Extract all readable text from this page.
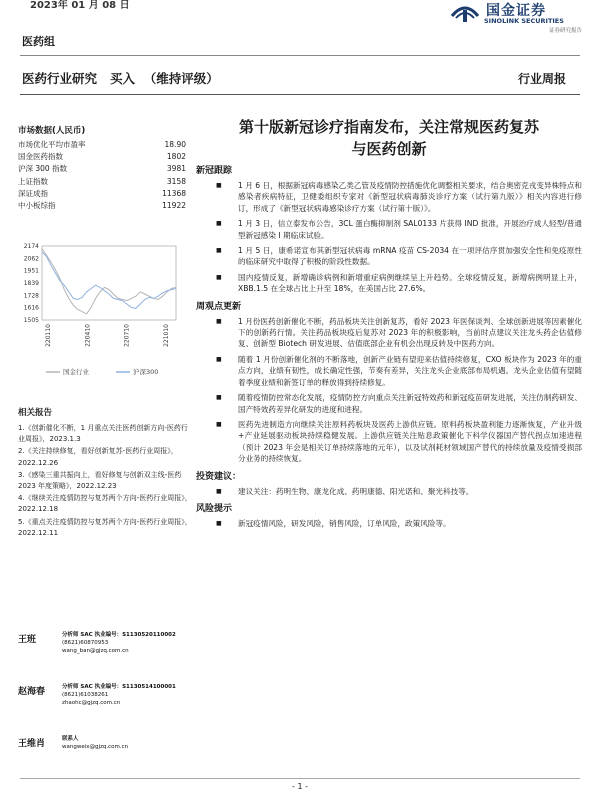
2023年 01 月 08 日	国金证券
SINOLINK SECURITIES
证券研究报告
医药组
医药行业研究   买入  （维持评级）	行业周报
市场数据(人民币)
市场优化平均市盈率	18.90
国金医药指数	1802
沪深 300 指数	3981
上证指数	3158
深证成指	11368
中小板综指	11922
2174
2062
1951
1839
1728
1616
1505
220110	220410	220710	221010
国金行业	沪深300
相关报告
1.《创新催化不断，1 月重点关注医药创新方向-医药行业周报》，2023.1.3
2.《关注持续修复，看好创新复苏-医药行业周报》，2022.12.26
3.《感染三重共振向上，看好修复与创新双主线-医药 2023 年度策略》，2022.12.23
4.《继续关注疫情防控与复苏两个方向-医药行业周报》，2022.12.18
5.《重点关注疫情防控与复苏两个方向-医药行业周报》，2022.12.11
王班	分析师 SAC 执业编号：S1130520110002
(8621)60870953
wang_ban@gjzq.com.cn
赵海春	分析师 SAC 执业编号：S1130514100001
(8621)61038261
zhaohc@gjzq.com.cn
王维肖	联系人
wangweix@gjzq.com.cn
第十版新冠诊疗指南发布，关注常规医药复苏
与医药创新
新冠跟踪
■ 1 月 6 日，根据新冠病毒感染乙类乙管及疫情防控措施优化调整相关要求，结合奥密克戎变异株特点和感染者疾病特征，卫健委组织专家对《新型冠状病毒肺炎诊疗方案（试行第九版）》相关内容进行修订，形成了《新型冠状病毒感染诊疗方案（试行第十版）》。
■ 1 月 3 日，信立泰发布公告，3CL 蛋白酶抑制剂 SAL0133 片获得 IND 批准，开展治疗成人轻型/普通型新冠感染 I 期临床试验。
■ 1 月 5 日，康希诺宣布其新型冠状病毒 mRNA 疫苗 CS-2034 在一项评估序贯加强安全性和免疫原性的临床研究中取得了积极的阶段性数据。
■ 国内疫情反复，新增确诊病例和新增重症病例继续呈上升趋势。全球疫情反复，新增病例明显上升，XBB.1.5 在全球占比上升至 18%，在美国占比 27.6%。
周观点更新
■ 1 月份医药创新催化不断，药品板块关注创新复苏，看好 2023 年医保谈判、全球创新进展等因素催化下的创新药行情。关注药品板块疫后复苏对 2023 年的积极影响，当前时点建议关注龙头药企估值修复、创新型 Biotech 研发进展、估值底部企业有机会出现反转及中医药方向。
■ 随着 1 月份创新催化剂的不断落地，创新产业链有望迎来估值持续修复，CXO 板块作为 2023 年的重点方向，业绩有韧性，成长确定性强，节奏有差异，关注龙头企业底部布局机遇。龙头企业估值有望随着季度业绩和新签订单的释放得到持续修复。
■ 随着疫情防控常态化发展，疫情防控方向重点关注新冠特效药和新冠疫苗研发进展，关注仿制药研发、国产特效药差异化研发的进度和进程。
■ 医药先进制造方向继续关注原料药板块及医药上游供应链。原料药板块盈利能力逐渐恢复，产业升级+产业延展驱动板块持续稳健发展。上游供应链关注贴息政策催化下科学仪器国产替代拐点加速进程（预计 2023 年会是相关订单持续落地的元年），以及试剂耗材领域国产替代的持续放量及疫情受损部分业务的持续恢复。
投资建议：
■ 建议关注：药明生物、康龙化成、药明康德、阳光诺和、聚光科技等。
风险提示
■ 新冠疫情风险，研发风险，销售风险，订单风险，政策风险等。
- 1 -
